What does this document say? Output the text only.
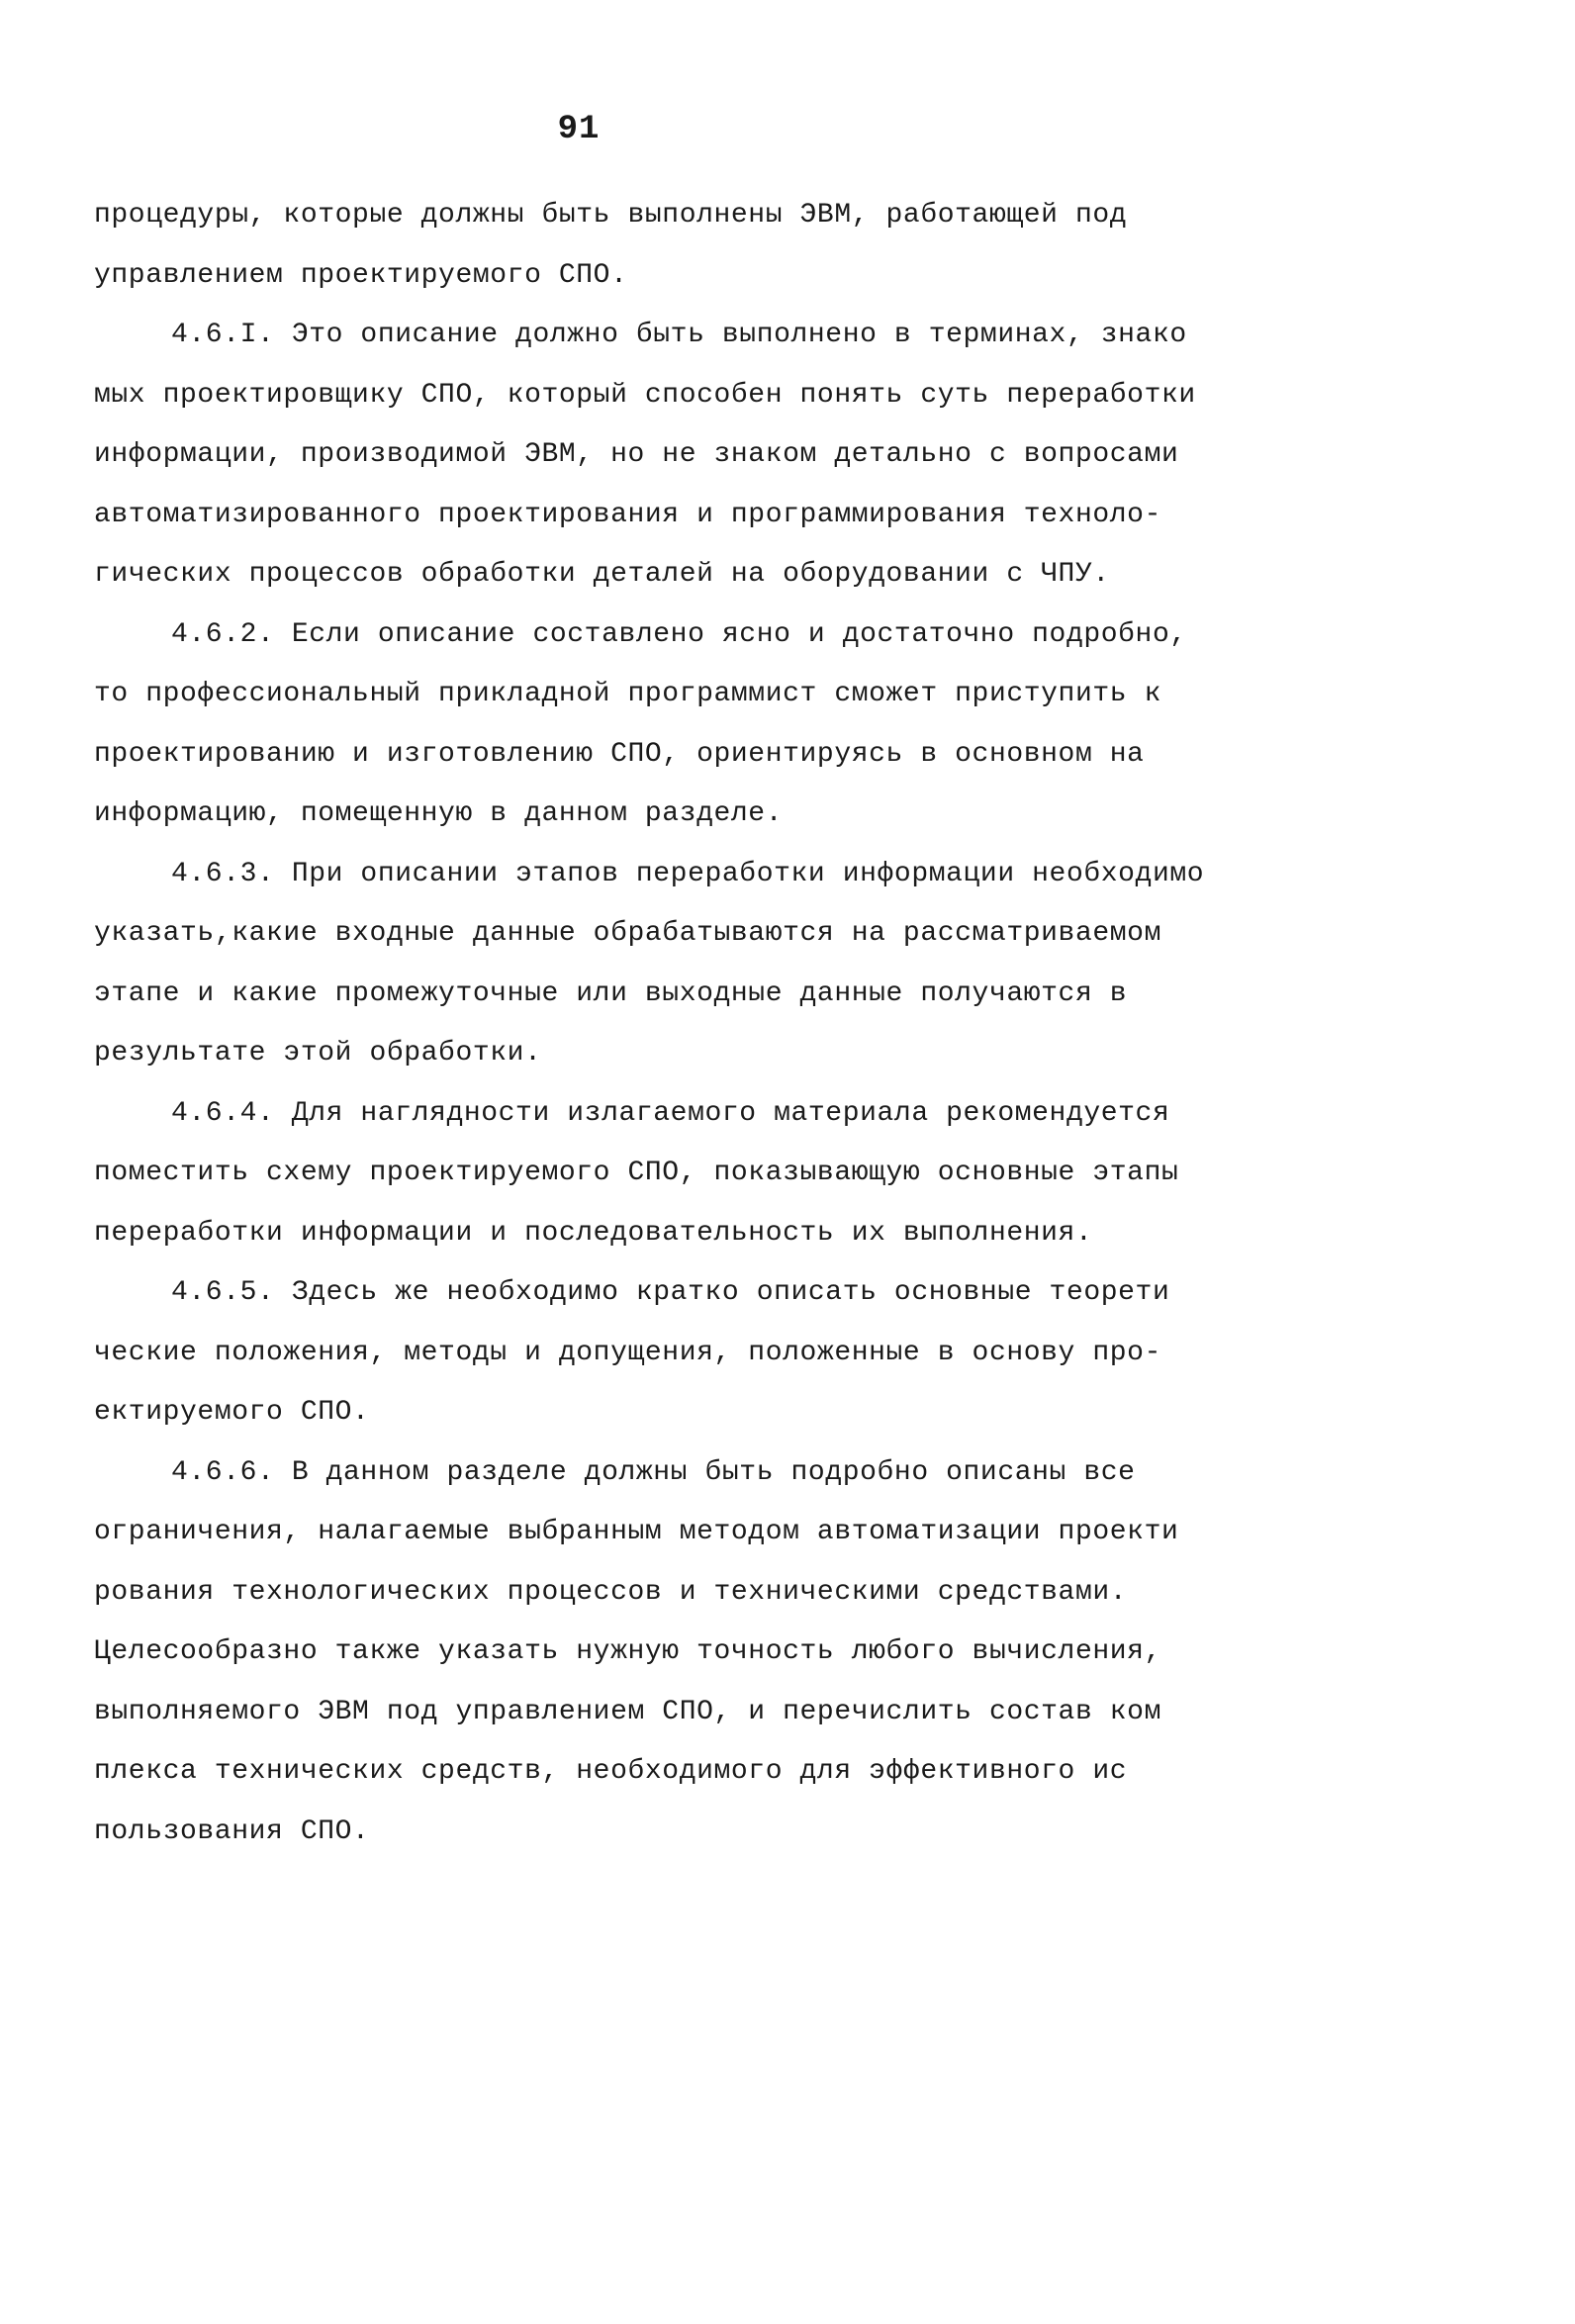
91
процедуры, которые должны быть выполнены ЭВМ, работающей под
управлением проектируемого СПО.
4.6.I. Это описание должно быть выполнено в терминах, знако
мых проектировщику СПО, который способен понять суть переработки
информации, производимой ЭВМ, но не знаком детально с вопросами
автоматизированного проектирования и программирования техноло-
гических процессов обработки деталей на оборудовании с ЧПУ.
4.6.2. Если описание составлено ясно и достаточно подробно,
то профессиональный прикладной программист сможет приступить к
проектированию и изготовлению СПО, ориентируясь в основном на
информацию, помещенную в данном разделе.
4.6.3. При описании этапов переработки информации необходимо
указать,какие входные данные обрабатываются на рассматриваемом
этапе и какие промежуточные или выходные данные получаются в
результате этой обработки.
4.6.4. Для наглядности излагаемого материала рекомендуется
поместить схему проектируемого СПО, показывающую основные этапы
переработки информации и последовательность их выполнения.
4.6.5. Здесь же необходимо кратко описать основные теорети
ческие положения, методы и допущения, положенные в основу про-
ектируемого СПО.
4.6.6. В данном разделе должны быть подробно описаны все
ограничения, налагаемые выбранным методом автоматизации проекти
рования технологических процессов и техническими средствами.
Целесообразно также указать нужную точность любого вычисления,
выполняемого ЭВМ под управлением СПО, и перечислить состав ком
плекса технических средств, необходимого для эффективного ис
пользования СПО.
